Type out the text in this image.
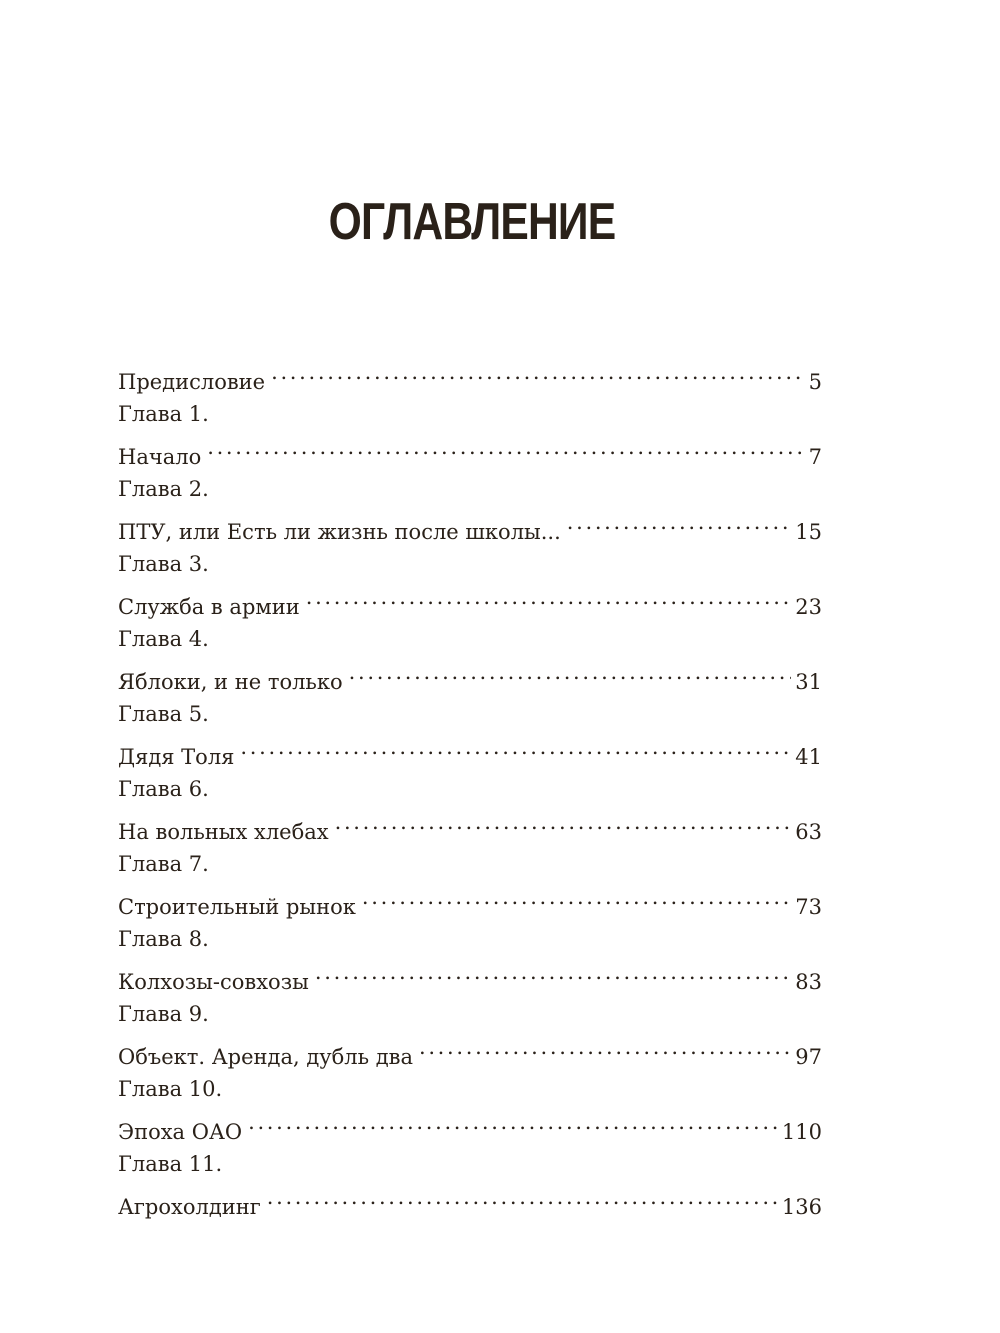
ОГЛАВЛЕНИЕ
Предисловие . . .	5
Глава 1.
Начало . . .	7
Глава 2.
ПТУ, или Есть ли жизнь после школы... . . .	15
Глава 3.
Служба в армии . . .	23
Глава 4.
Яблоки, и не только . . .	31
Глава 5.
Дядя Толя . . .	41
Глава 6.
На вольных хлебах . . .	63
Глава 7.
Строительный рынок . . .	73
Глава 8.
Колхозы-совхозы . . .	83
Глава 9.
Объект. Аренда, дубль два . . .	97
Глава 10.
Эпоха ОАО . . .	110
Глава 11.
Агрохолдинг . . .	136
